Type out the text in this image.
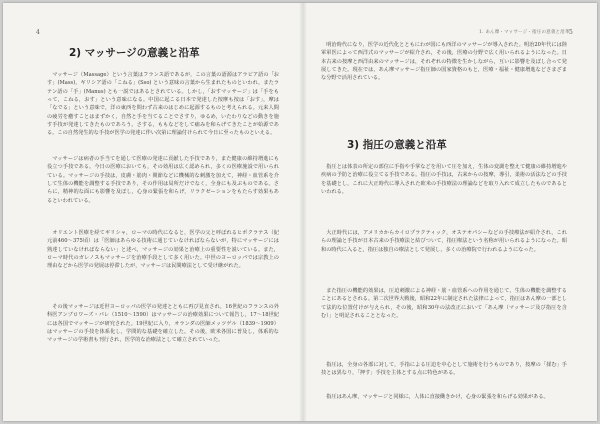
4
2) マッサージの意義と沿革

マッサージ（Massage）という言葉はフランス語であるが，この言葉の語源はアラビア語の「おす」(Mass)，ギリシア語の「こねる」(Sso) という意味の言葉から生まれたものといわれ，またラテン語の「手」(Manus) とも一説ではあるとされている。しかし，「おすマッサージ」は「手をもって，こねる，おす」という意味になる。中国に起こる日本で発達した按摩も按は「おす」，摩は「なでる」という意味で，洋の東西を問わず古来のはじめに起源するものと考えられる。元来人間の疲労を癒すことはまずかく，自然と手を当てることでさすり，ゆるめ，いたわりなどの動きを施す手技が発達してきたものであろう。さする，ももなどをして痛みを和らげてきたことが始源である。この自然発生的な手技が医学の発達に伴い次第に理論付けられて今日に至ったものといえる。

マッサージは病者の手当てを通して医療の発達に貢献した手技であり，また健康の維持増進にも役立つ手技である。今日の医療においても，その効用は広く認められ，多くの医療施設で用いられている。マッサージの手技は，皮膚・筋肉・関節などに機械的な刺激を加えて，神経・血管系を介して生体の機能を調整する手技であり，その作用は局所だけでなく，全身にも及ぶものである。さらに，精神的な面にも影響を及ぼし，心身の緊張を和らげ，リラクゼーションをもたらす効果もあるといわれている。

オリエント医療を経てギリシャ，ローマの時代になると，医学の父と呼ばれるヒポクラテス（紀元前460～375頃）は「医師はあらゆる技術に通じていなければならないが，特にマッサージには熟達していなければならない」と述べ，マッサージの効果と治療上の重要性を説いている。また，ローマ時代のガレノスもマッサージを治療手段として多く用いた。中世のヨーロッパでは宗教上の理由などから医学の発展は停滞したが，マッサージは民間療法として受け継がれた。

その後マッサージは近世ヨーロッパの医学の発達とともに再び見直され，16世紀のフランスの外科医アンブロワーズ・パレ（1510～1590）はマッサージの治療効果について報告し，17～18世紀には各国でマッサージが研究された。19世紀に入り，オランダの医師メッツゲル（1839～1909）はマッサージの手技を体系化し，学問的な基礎を確立した。その後，欧米各国に普及し，体系的なマッサージの学術書も刊行され，医学的な治療法として確立されていった。

1. あん摩・マッサージ・指圧の意義と沿革 5

明治時代になり，医学の近代化とともにわが国にも西洋のマッサージが導入された。明治20年代には陸軍軍医によって西洋式のマッサージが紹介され，その後，医療の分野で広く用いられるようになった。日本古来の按摩と西洋由来のマッサージは，それぞれの特徴を生かしながら，互いに影響を及ぼし合って発展してきた。現在では，あん摩マッサージ指圧師の国家資格のもと，医療・福祉・健康増進などさまざまな分野で活用されている。

3) 指圧の意義と沿革

指圧とは体表の所定の部位に手指や手掌などを用いて圧を加え，生体の変調を整えて健康の維持増進や疾病の予防と治療に役立てる手技である。指圧の手技は，古来からの按摩，導引，柔術の活法などの手技を基礎とし，これに大正時代に導入された欧米の手技療法の理論などを取り入れて成立したものであるといわれる。

大正時代には，アメリカからカイロプラクティック，オステオパシーなどの手技療法が紹介され，これらの理論と手技が日本古来の手技療法と結びついて，指圧療法という名称が用いられるようになった。昭和の時代に入ると，指圧は独自の療法として発展し，多くの治療院で行われるようになった。

また指圧の機能的効果は，圧迫刺激による神経・筋・血管系への作用を通じて，生体の機能を調整することにあるとされる。第二次世界大戦後，昭和22年に制定された法律によって，指圧はあん摩の一部として法的な位置付けが与えられ，その後，昭和30年の法改正において「あん摩（マッサージ及び指圧を含む）」と明記されることとなった。

指圧は，全身の各部に対して，手指による圧迫を中心として施術を行うものであり，按摩の「揉む」手技とは異なり，「押す」手技を主体とする点に特色がある。

指圧はあん摩，マッサージと同様に，人体に直接働きかけ，心身の緊張を和らげる効果がある。
